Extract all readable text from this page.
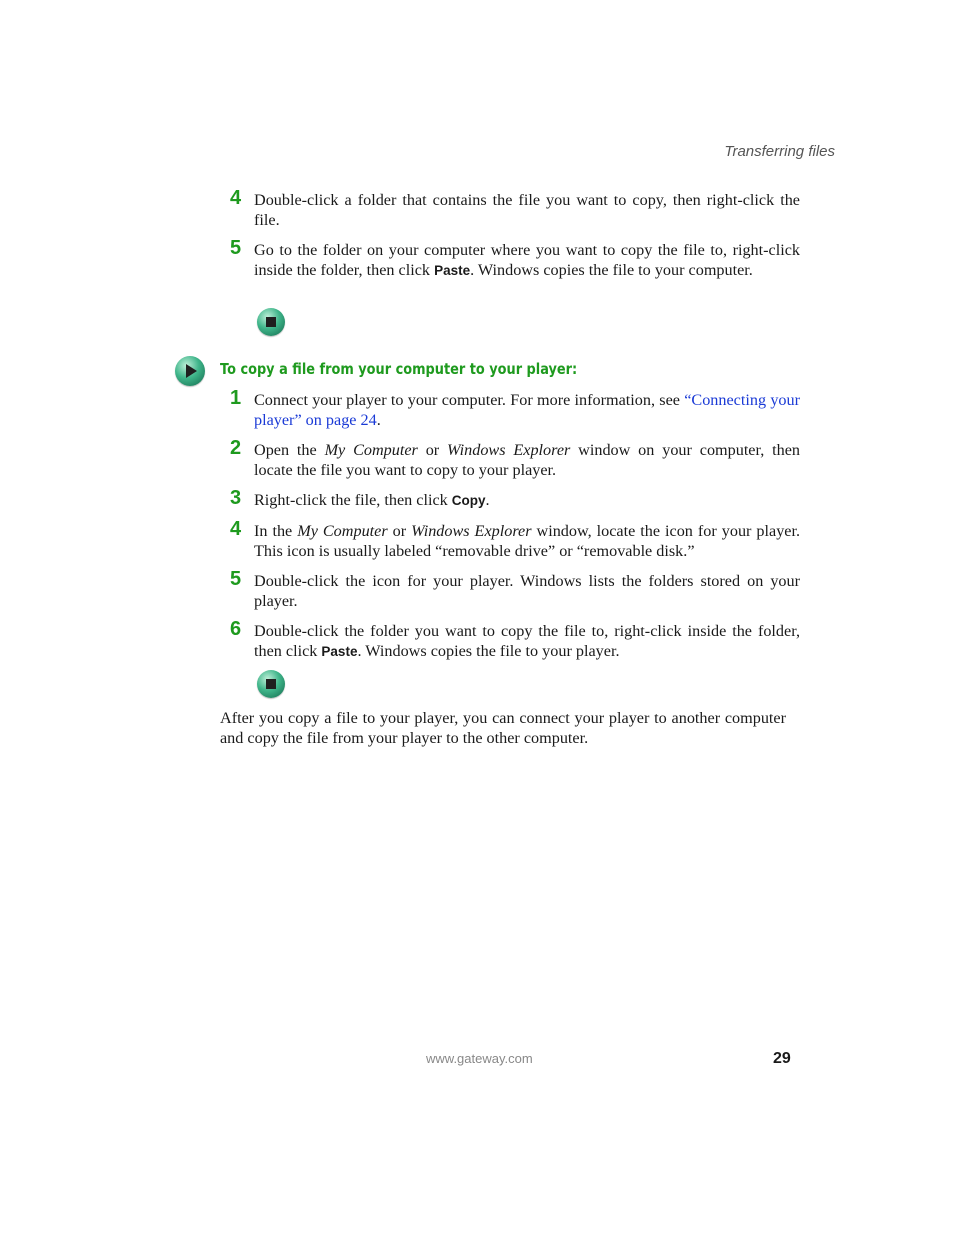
Transferring files
4 Double-click a folder that contains the file you want to copy, then right-click the file.
5 Go to the folder on your computer where you want to copy the file to, right-click inside the folder, then click Paste. Windows copies the file to your computer.
To copy a file from your computer to your player:
1 Connect your player to your computer. For more information, see “Connecting your player” on page 24.
2 Open the My Computer or Windows Explorer window on your computer, then locate the file you want to copy to your player.
3 Right-click the file, then click Copy.
4 In the My Computer or Windows Explorer window, locate the icon for your player. This icon is usually labeled “removable drive” or “removable disk.”
5 Double-click the icon for your player. Windows lists the folders stored on your player.
6 Double-click the folder you want to copy the file to, right-click inside the folder, then click Paste. Windows copies the file to your player.
After you copy a file to your player, you can connect your player to another computer and copy the file from your player to the other computer.
www.gateway.com	29
